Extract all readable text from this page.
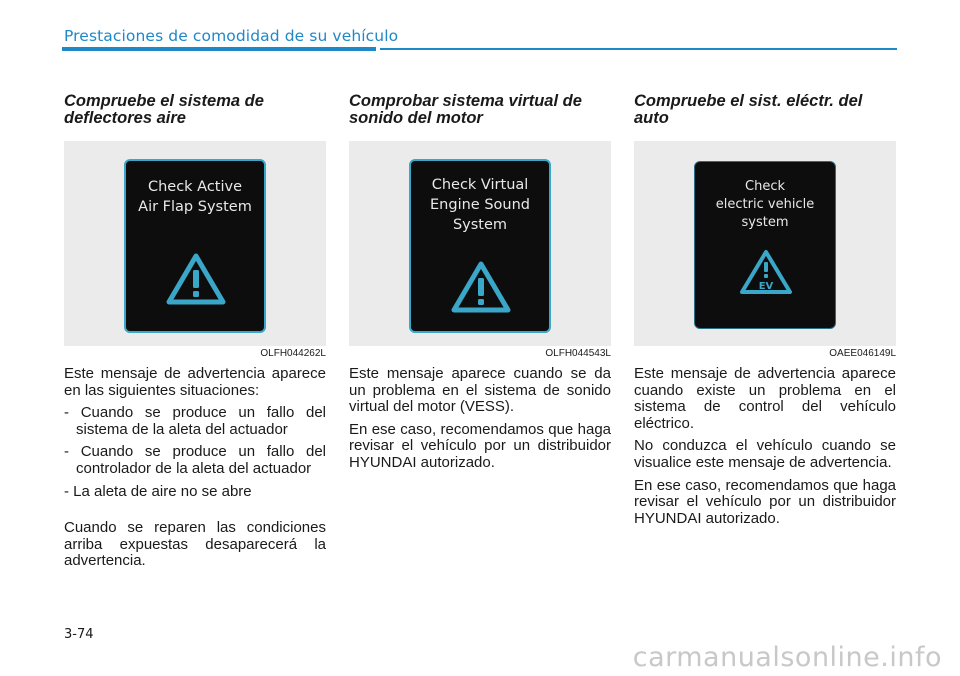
Prestaciones de comodidad de su vehículo
Compruebe el sistema de deflectores aire
Check Active
Air Flap System
OLFH044262L

Este mensaje de advertencia aparece en las siguientes situaciones:

- Cuando se produce un fallo del sistema de la aleta del actuador

- Cuando se produce un fallo del controlador de la aleta del actuador

- La aleta de aire no se abre

Cuando se reparen las condiciones arriba expuestas desaparecerá la advertencia.

Comprobar sistema virtual de sonido del motor
Check Virtual
Engine Sound
System
OLFH044543L

Este mensaje aparece cuando se da un problema en el sistema de sonido virtual del motor (VESS).

En ese caso, recomendamos que haga revisar el vehículo por un distribuidor HYUNDAI autorizado.

Compruebe el sist. eléctr. del auto
Check
electric vehicle
system
EV
OAEE046149L

Este mensaje de advertencia aparece cuando existe un problema en el sistema de control del vehículo eléctrico.

No conduzca el vehículo cuando se visualice este mensaje de advertencia.

En ese caso, recomendamos que haga revisar el vehículo por un distribuidor HYUNDAI autorizado.

3-74
carmanualsonline.info
